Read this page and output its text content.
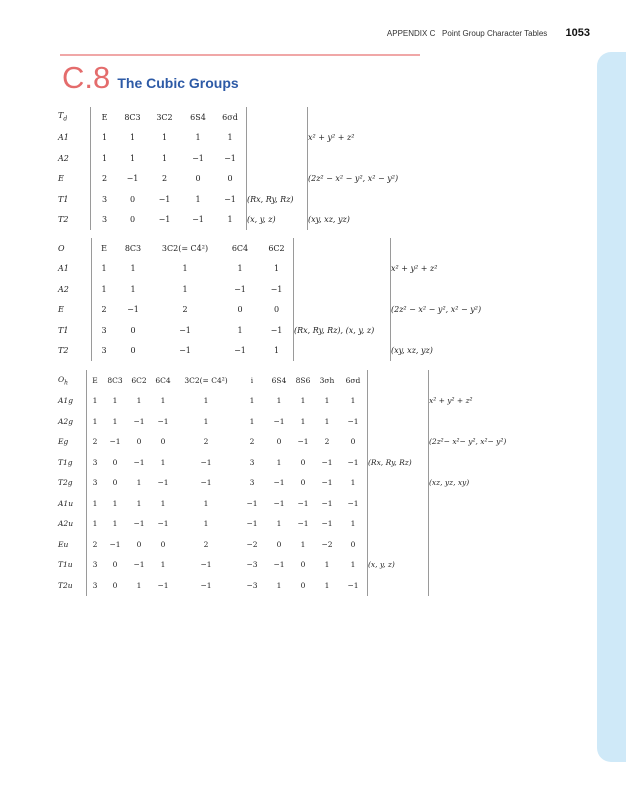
APPENDIX C Point Group Character Tables 1053
C.8 The Cubic Groups
$T_d$	E	8C3	3C2	6S4	6σd		
A1	1	1	1	1	1		x² + y² + z²
A2	1	1	1	−1	−1		
E	2	−1	2	0	0		(2z² − x² − y², x² − y²)
T1	3	0	−1	1	−1	(Rx, Ry, Rz)	
T2	3	0	−1	−1	1	(x, y, z)	(xy, xz, yz)
O	E	8C3	3C2(= C4²)	6C4	6C2		
A1	1	1	1	1	1		x² + y² + z²
A2	1	1	1	−1	−1		
E	2	−1	2	0	0		(2z² − x² − y², x² − y²)
T1	3	0	−1	1	−1	(Rx, Ry, Rz), (x, y, z)	
T2	3	0	−1	−1	1		(xy, xz, yz)
$O_h$	E	8C3	6C2	6C4	3C2(= C4²)	i	6S4	8S6	3σh	6σd		
A1g	1	1	1	1	1	1	1	1	1	1		x² + y² + z²
A2g	1	1	−1	−1	1	1	−1	1	1	−1		
Eg	2	−1	0	0	2	2	0	−1	2	0		(2z²− x²− y², x²− y²)
T1g	3	0	−1	1	−1	3	1	0	−1	−1	(Rx, Ry, Rz)	
T2g	3	0	1	−1	−1	3	−1	0	−1	1		(xz, yz, xy)
A1u	1	1	1	1	1	−1	−1	−1	−1	−1		
A2u	1	1	−1	−1	1	−1	1	−1	−1	1		
Eu	2	−1	0	0	2	−2	0	1	−2	0		
T1u	3	0	−1	1	−1	−3	−1	0	1	1	(x, y, z)	
T2u	3	0	1	−1	−1	−3	1	0	1	−1		
